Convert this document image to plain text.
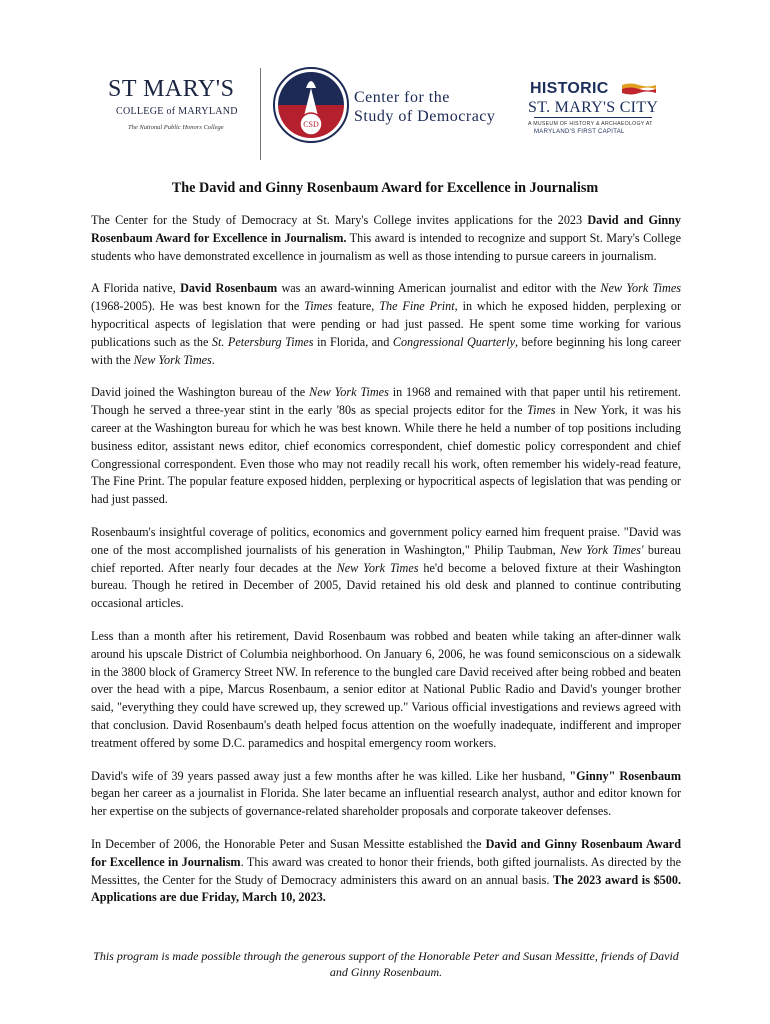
ST MARY'S
COLLEGE of MARYLAND
The National Public Honors College	CSD
Center for the
Study of Democracy
HISTORIC
ST. MARY'S CITY
A MUSEUM OF HISTORY & ARCHAEOLOGY AT
MARYLAND'S FIRST CAPITAL
The David and Ginny Rosenbaum Award for Excellence in Journalism

The Center for the Study of Democracy at St. Mary's College invites applications for the 2023 David and Ginny Rosenbaum Award for Excellence in Journalism. This award is intended to recognize and support St. Mary's College students who have demonstrated excellence in journalism as well as those intending to pursue careers in journalism.

A Florida native, David Rosenbaum was an award-winning American journalist and editor with the New York Times (1968-2005). He was best known for the Times feature, The Fine Print, in which he exposed hidden, perplexing or hypocritical aspects of legislation that were pending or had just passed. He spent some time working for various publications such as the St. Petersburg Times in Florida, and Congressional Quarterly, before beginning his long career with the New York Times.

David joined the Washington bureau of the New York Times in 1968 and remained with that paper until his retirement. Though he served a three-year stint in the early '80s as special projects editor for the Times in New York, it was his career at the Washington bureau for which he was best known. While there he held a number of top positions including business editor, assistant news editor, chief economics correspondent, chief domestic policy correspondent and chief Congressional correspondent. Even those who may not readily recall his work, often remember his widely-read feature, The Fine Print. The popular feature exposed hidden, perplexing or hypocritical aspects of legislation that was pending or had just passed.

Rosenbaum's insightful coverage of politics, economics and government policy earned him frequent praise. "David was one of the most accomplished journalists of his generation in Washington," Philip Taubman, New York Times' bureau chief reported. After nearly four decades at the New York Times he'd become a beloved fixture at their Washington bureau. Though he retired in December of 2005, David retained his old desk and planned to continue contributing occasional articles.

Less than a month after his retirement, David Rosenbaum was robbed and beaten while taking an after-dinner walk around his upscale District of Columbia neighborhood. On January 6, 2006, he was found semiconscious on a sidewalk in the 3800 block of Gramercy Street NW. In reference to the bungled care David received after being robbed and beaten over the head with a pipe, Marcus Rosenbaum, a senior editor at National Public Radio and David's younger brother said, "everything they could have screwed up, they screwed up." Various official investigations and reviews agreed with that conclusion. David Rosenbaum's death helped focus attention on the woefully inadequate, indifferent and improper treatment offered by some D.C. paramedics and hospital emergency room workers.

David's wife of 39 years passed away just a few months after he was killed. Like her husband, "Ginny" Rosenbaum began her career as a journalist in Florida. She later became an influential research analyst, author and editor known for her expertise on the subjects of governance-related shareholder proposals and corporate takeover defenses.

In December of 2006, the Honorable Peter and Susan Messitte established the David and Ginny Rosenbaum Award for Excellence in Journalism. This award was created to honor their friends, both gifted journalists. As directed by the Messittes, the Center for the Study of Democracy administers this award on an annual basis. The 2023 award is $500. Applications are due Friday, March 10, 2023.

This program is made possible through the generous support of the Honorable Peter and Susan Messitte, friends of David and Ginny Rosenbaum.
